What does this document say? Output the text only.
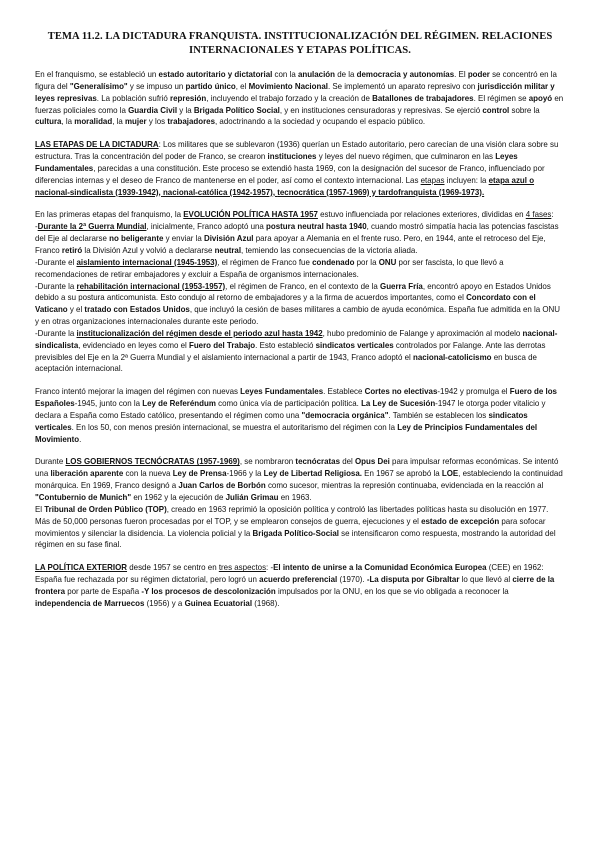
TEMA 11.2. LA DICTADURA FRANQUISTA. INSTITUCIONALIZACIÓN DEL RÉGIMEN. RELACIONES INTERNACIONALES Y ETAPAS POLÍTICAS.

En el franquismo, se estableció un estado autoritario y dictatorial con la anulación de la democracia y autonomías. El poder se concentró en la figura del "Generalísimo" y se impuso un partido único, el Movimiento Nacional. Se implementó un aparato represivo con jurisdicción militar y leyes represivas. La población sufrió represión, incluyendo el trabajo forzado y la creación de Batallones de trabajadores. El régimen se apoyó en fuerzas policiales como la Guardia Civil y la Brigada Político Social, y en instituciones censuradoras y represivas. Se ejerció control sobre la cultura, la moralidad, la mujer y los trabajadores, adoctrinando a la sociedad y ocupando el espacio público.

LAS ETAPAS DE LA DICTADURA: Los militares que se sublevaron (1936) querían un Estado autoritario, pero carecían de una visión clara sobre su estructura. Tras la concentración del poder de Franco, se crearon instituciones y leyes del nuevo régimen, que culminaron en las Leyes Fundamentales, parecidas a una constitución. Este proceso se extendió hasta 1969, con la designación del sucesor de Franco, influenciado por diferencias internas y el deseo de Franco de mantenerse en el poder, así como el contexto internacional. Las etapas incluyen: la etapa azul o nacional-sindicalista (1939-1942), nacional-católica (1942-1957), tecnocrática (1957-1969) y tardofranquista (1969-1973).

En las primeras etapas del franquismo, la EVOLUCIÓN POLÍTICA HASTA 1957 estuvo influenciada por relaciones exteriores, divididas en 4 fases:

-Durante la 2ª Guerra Mundial, inicialmente, Franco adoptó una postura neutral hasta 1940, cuando mostró simpatía hacia las potencias fascistas del Eje al declararse no beligerante y enviar la División Azul para apoyar a Alemania en el frente ruso. Pero, en 1944, ante el retroceso del Eje, Franco retiró la División Azul y volvió a declararse neutral, temiendo las consecuencias de la victoria aliada.

-Durante el aislamiento internacional (1945-1953), el régimen de Franco fue condenado por la ONU por ser fascista, lo que llevó a recomendaciones de retirar embajadores y excluir a España de organismos internacionales.

-Durante la rehabilitación internacional (1953-1957), el régimen de Franco, en el contexto de la Guerra Fría, encontró apoyo en Estados Unidos debido a su postura anticomunista. Esto condujo al retorno de embajadores y a la firma de acuerdos importantes, como el Concordato con el Vaticano y el tratado con Estados Unidos, que incluyó la cesión de bases militares a cambio de ayuda económica. España fue admitida en la ONU y en otras organizaciones internacionales durante este periodo.

-Durante la institucionalización del régimen desde el periodo azul hasta 1942, hubo predominio de Falange y aproximación al modelo nacional-sindicalista, evidenciado en leyes como el Fuero del Trabajo. Esto estableció sindicatos verticales controlados por Falange. Ante las derrotas previsibles del Eje en la 2ª Guerra Mundial y el aislamiento internacional a partir de 1943, Franco adoptó el nacional-catolicismo en busca de aceptación internacional.

Franco intentó mejorar la imagen del régimen con nuevas Leyes Fundamentales. Establece Cortes no electivas-1942 y promulga el Fuero de los Españoles-1945, junto con la Ley de Referéndum como única vía de participación política. La Ley de Sucesión-1947 le otorga poder vitalicio y declara a España como Estado católico, presentando el régimen como una "democracia orgánica". También se establecen los sindicatos verticales. En los 50, con menos presión internacional, se muestra el autoritarismo del régimen con la Ley de Principios Fundamentales del Movimiento.

Durante LOS GOBIERNOS TECNÓCRATAS (1957-1969), se nombraron tecnócratas del Opus Dei para impulsar reformas económicas. Se intentó una liberación aparente con la nueva Ley de Prensa-1966 y la Ley de Libertad Religiosa. En 1967 se aprobó la LOE, estableciendo la continuidad monárquica. En 1969, Franco designó a Juan Carlos de Borbón como sucesor, mientras la represión continuaba, evidenciada en la reacción al "Contubernio de Munich" en 1962 y la ejecución de Julián Grimau en 1963.

El Tribunal de Orden Público (TOP), creado en 1963 reprimió la oposición política y controló las libertades políticas hasta su disolución en 1977. Más de 50,000 personas fueron procesadas por el TOP, y se emplearon consejos de guerra, ejecuciones y el estado de excepción para sofocar movimientos y silenciar la disidencia. La violencia policial y la Brigada Político-Social se intensificaron como respuesta, mostrando la autoridad del régimen en su fase final.

LA POLÍTICA EXTERIOR desde 1957 se centro en tres aspectos: -El intento de unirse a la Comunidad Económica Europea (CEE) en 1962: España fue rechazada por su régimen dictatorial, pero logró un acuerdo preferencial (1970). -La disputa por Gibraltar lo que llevó al cierre de la frontera por parte de España -Y los procesos de descolonización impulsados por la ONU, en los que se vio obligada a reconocer la independencia de Marruecos (1956) y a Guinea Ecuatorial (1968).
